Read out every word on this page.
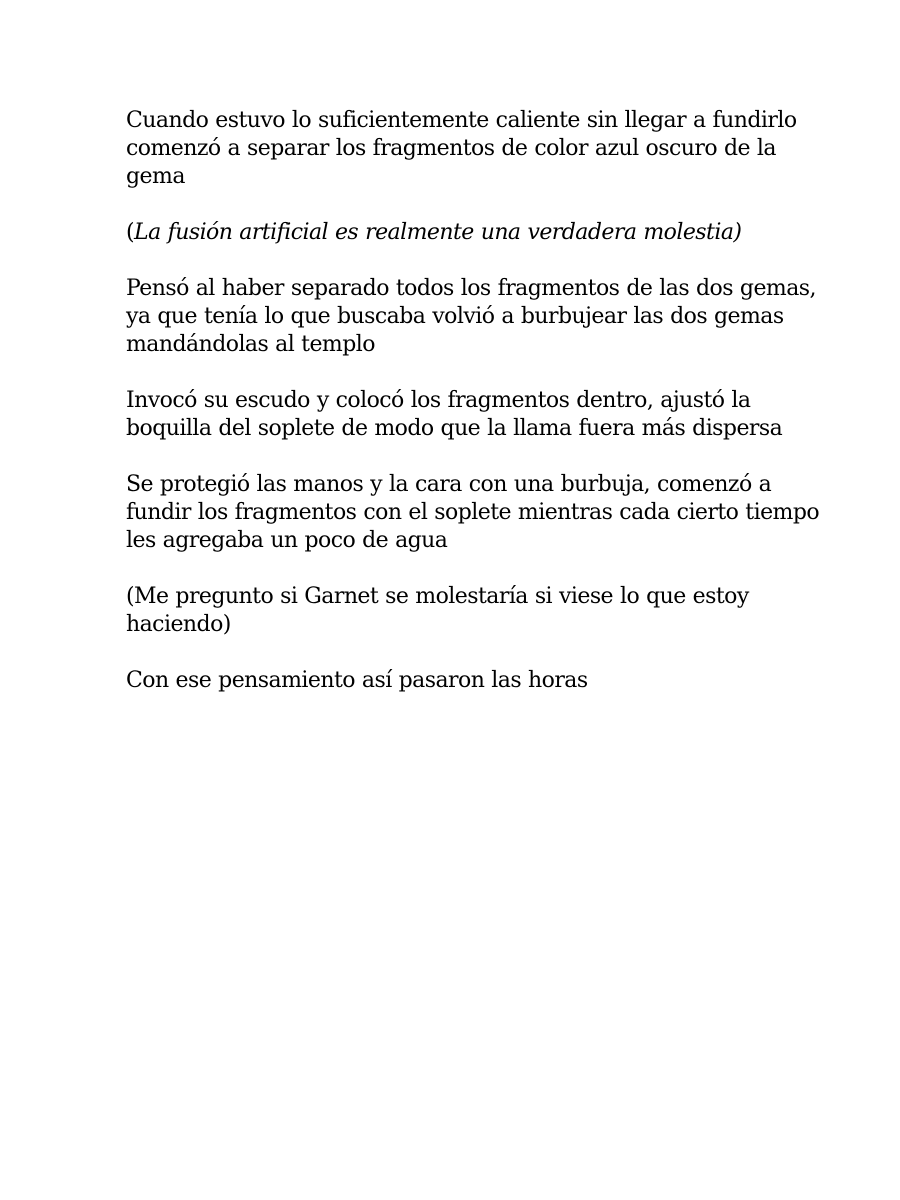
Cuando estuvo lo suficientemente caliente sin llegar a fundirlo
comenzó a separar los fragmentos de color azul oscuro de la
gema

(La fusión artificial es realmente una verdadera molestia)

Pensó al haber separado todos los fragmentos de las dos gemas,
ya que tenía lo que buscaba volvió a burbujear las dos gemas
mandándolas al templo

Invocó su escudo y colocó los fragmentos dentro, ajustó la
boquilla del soplete de modo que la llama fuera más dispersa

Se protegió las manos y la cara con una burbuja, comenzó a
fundir los fragmentos con el soplete mientras cada cierto tiempo
les agregaba un poco de agua

(Me pregunto si Garnet se molestaría si viese lo que estoy
haciendo)

Con ese pensamiento así pasaron las horas
